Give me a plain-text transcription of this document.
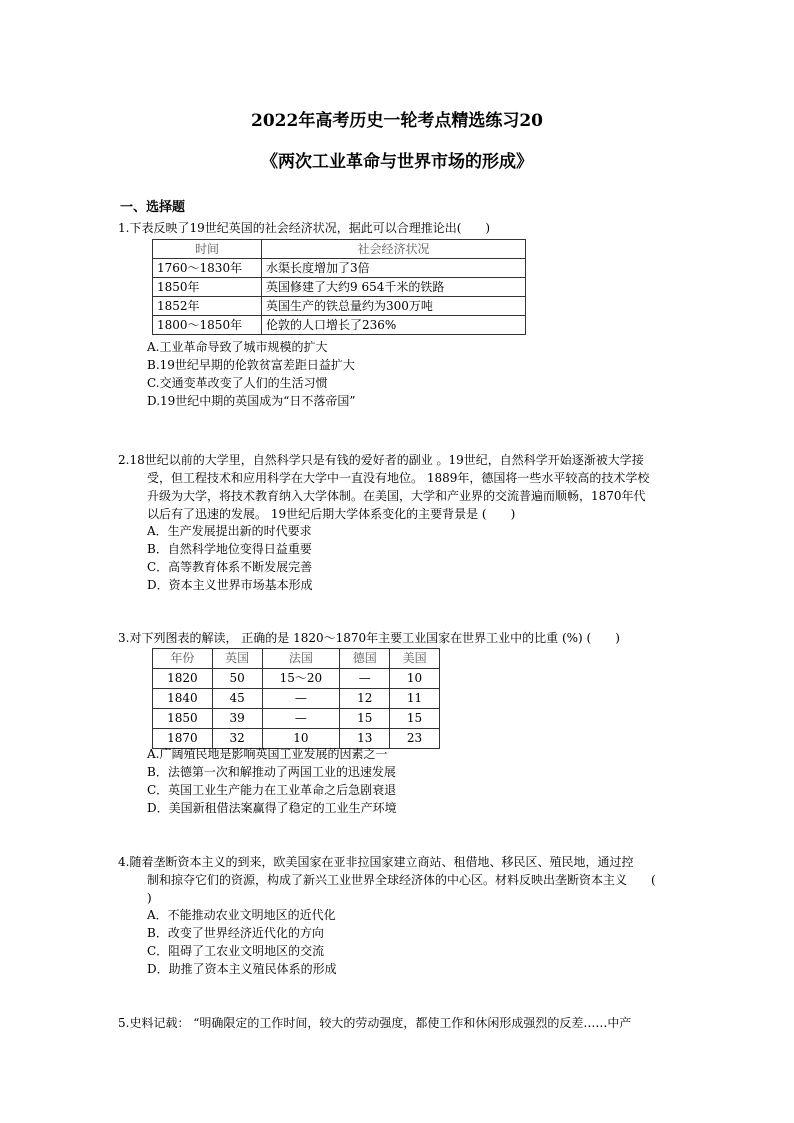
2022年高考历史一轮考点精选练习20
《两次工业革命与世界市场的形成》
一、选择题
1.下表反映了19世纪英国的社会经济状况，据此可以合理推论出(　　)
时间	社会经济状况
1760～1830年	水渠长度增加了3倍
1850年	英国修建了大约9 654千米的铁路
1852年	英国生产的铁总量约为300万吨
1800～1850年	伦敦的人口增长了236%
A.工业革命导致了城市规模的扩大
B.19世纪早期的伦敦贫富差距日益扩大
C.交通变革改变了人们的生活习惯
D.19世纪中期的英国成为“日不落帝国”
2.18世纪以前的大学里，自然科学只是有钱的爱好者的副业 。19世纪，自然科学开始逐渐被大学接
受，但工程技术和应用科学在大学中一直没有地位。 1889年，德国将一些水平较高的技术学校
升级为大学，将技术教育纳入大学体制。在美国，大学和产业界的交流普遍而顺畅，1870年代
以后有了迅速的发展。 19世纪后期大学体系变化的主要背景是 (　　)
A．生产发展提出新的时代要求
B．自然科学地位变得日益重要
C．高等教育体系不断发展完善
D．资本主义世界市场基本形成
3.对下列图表的解读， 正确的是 1820～1870年主要工业国家在世界工业中的比重 (%) (　　)
年份	英国	法国	德国	美国
1820	50	15～20	—	10
1840	45	—	12	11
1850	39	—	15	15
1870	32	10	13	23
A.广阔殖民地是影响英国工业发展的因素之一
B．法德第一次和解推动了两国工业的迅速发展
C．英国工业生产能力在工业革命之后急剧衰退
D．美国新租借法案赢得了稳定的工业生产环境
4.随着垄断资本主义的到来，欧美国家在亚非拉国家建立商站、租借地、移民区、殖民地，通过控
制和掠夺它们的资源，构成了新兴工业世界全球经济体的中心区。材料反映出垄断资本主义　　(
)
A．不能推动农业文明地区的近代化
B．改变了世界经济近代化的方向
C．阻碍了工农业文明地区的交流
D．助推了资本主义殖民体系的形成
5.史料记载： “明确限定的工作时间，较大的劳动强度，都使工作和休闲形成强烈的反差……中产
